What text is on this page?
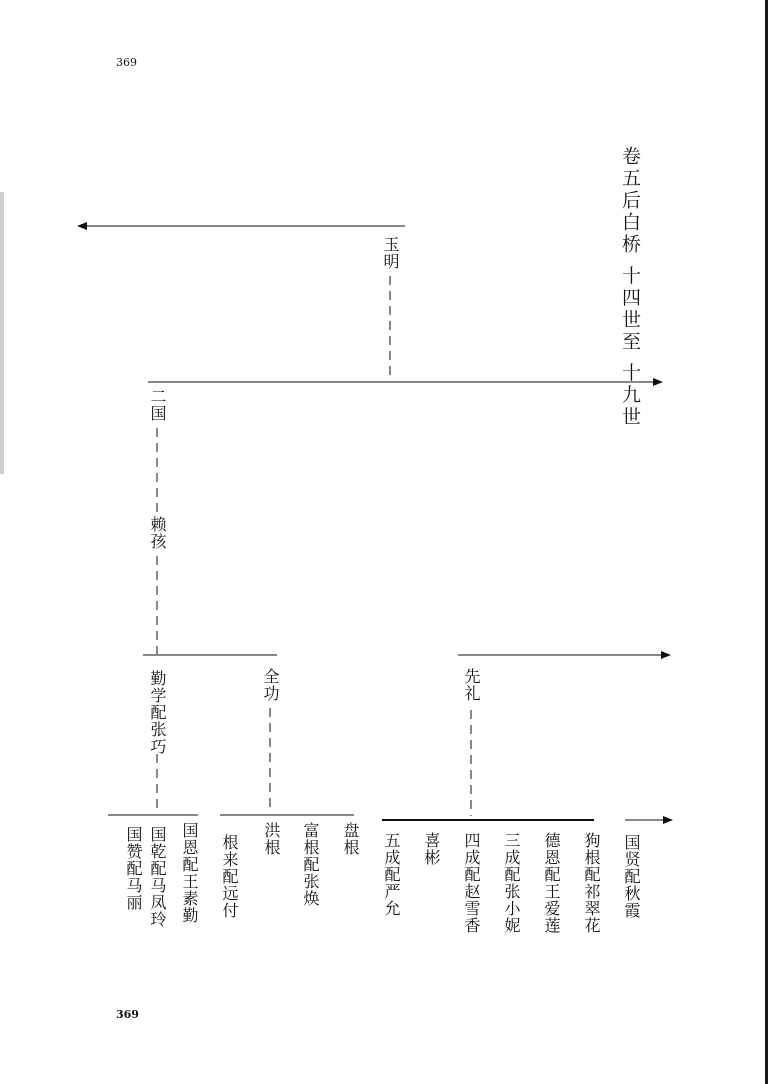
369
369
卷五后白桥 十四世至 十九世
玉明
二国
赖孩
勤学配张巧	全功	先礼
国恩配王素勤
国乾配马凤玲
国赞配马丽	根来配远付 洪根 富根配张焕 盘根 五成配严允 喜彬 四成配赵雪香 三成配张小妮 德恩配王爱莲 狗根配祁翠花 国贤配秋霞
